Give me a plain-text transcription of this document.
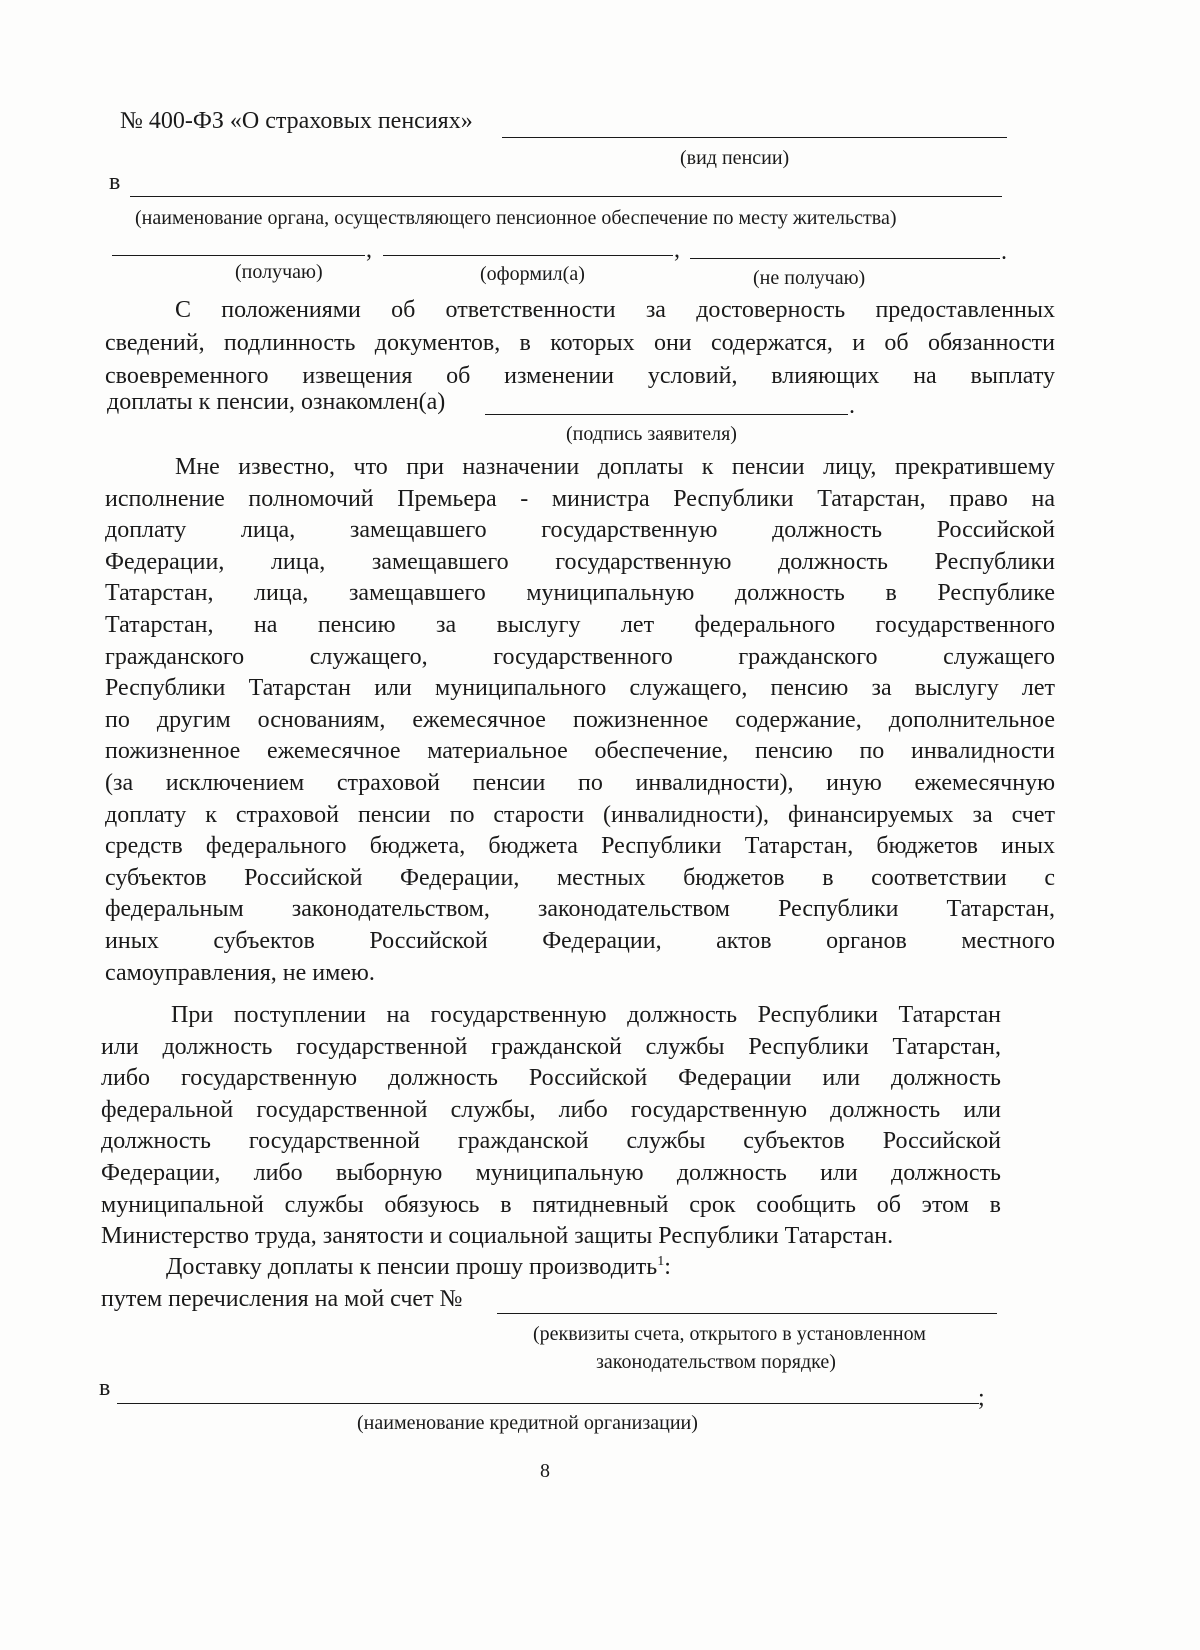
№ 400-ФЗ «О страховых пенсиях»
(вид пенсии)
в
(наименование органа, осуществляющего пенсионное обеспечение по месту жительства)
,	,	.
(получаю)	(оформил(а)	(не получаю)
С положениями об ответственности за достоверность предоставленных
сведений, подлинность документов, в которых они содержатся, и об обязанности
своевременного извещения об изменении условий, влияющих на выплату
доплаты к пенсии, ознакомлен(а)	.
(подпись заявителя)
Мне известно, что при назначении доплаты к пенсии лицу, прекратившему
исполнение полномочий Премьера - министра Республики Татарстан, право на
доплату лица, замещавшего государственную должность Российской
Федерации, лица, замещавшего государственную должность Республики
Татарстан, лица, замещавшего муниципальную должность в Республике
Татарстан, на пенсию за выслугу лет федерального государственного
гражданского служащего, государственного гражданского служащего
Республики Татарстан или муниципального служащего, пенсию за выслугу лет
по другим основаниям, ежемесячное пожизненное содержание, дополнительное
пожизненное ежемесячное материальное обеспечение, пенсию по инвалидности
(за исключением страховой пенсии по инвалидности), иную ежемесячную
доплату к страховой пенсии по старости (инвалидности), финансируемых за счет
средств федерального бюджета, бюджета Республики Татарстан, бюджетов иных
субъектов Российской Федерации, местных бюджетов в соответствии с
федеральным законодательством, законодательством Республики Татарстан,
иных субъектов Российской Федерации, актов органов местного
самоуправления, не имею.
При поступлении на государственную должность Республики Татарстан
или должность государственной гражданской службы Республики Татарстан,
либо государственную должность Российской Федерации или должность
федеральной государственной службы, либо государственную должность или
должность государственной гражданской службы субъектов Российской
Федерации, либо выборную муниципальную должность или должность
муниципальной службы обязуюсь в пятидневный срок сообщить об этом в
Министерство труда, занятости и социальной защиты Республики Татарстан.
Доставку доплаты к пенсии прошу производить$^1$:
путем перечисления на мой счет №
(реквизиты счета, открытого в установленном
законодательством порядке)
в	;
(наименование кредитной организации)
8
